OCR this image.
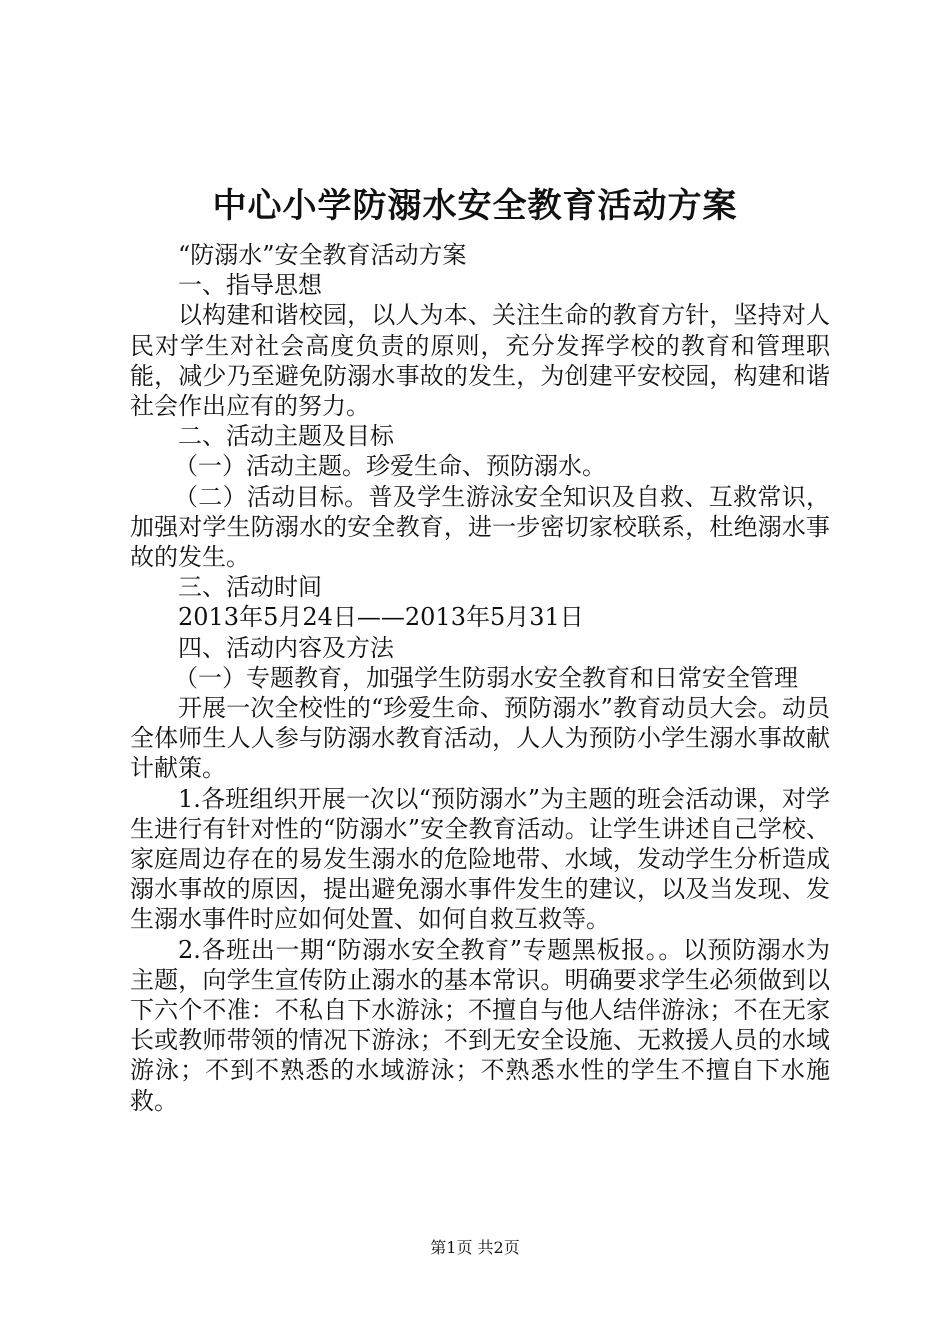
中心小学防溺水安全教育活动方案

“防溺水”安全教育活动方案

一、指导思想

以构建和谐校园，以人为本、关注生命的教育方针，坚持对人民对学生对社会高度负责的原则，充分发挥学校的教育和管理职能，减少乃至避免防溺水事故的发生，为创建平安校园，构建和谐社会作出应有的努力。

二、活动主题及目标

（一）活动主题。珍爱生命、预防溺水。

（二）活动目标。普及学生游泳安全知识及自救、互救常识，加强对学生防溺水的安全教育，进一步密切家校联系，杜绝溺水事故的发生。

三、活动时间

2013年5月24日——2013年5月31日

四、活动内容及方法

（一）专题教育，加强学生防弱水安全教育和日常安全管理

开展一次全校性的“珍爱生命、预防溺水”教育动员大会。动员全体师生人人参与防溺水教育活动，人人为预防小学生溺水事故献计献策。

1.各班组织开展一次以“预防溺水”为主题的班会活动课，对学生进行有针对性的“防溺水”安全教育活动。让学生讲述自己学校、家庭周边存在的易发生溺水的危险地带、水域，发动学生分析造成溺水事故的原因，提出避免溺水事件发生的建议，以及当发现、发生溺水事件时应如何处置、如何自救互救等。

2.各班出一期“防溺水安全教育”专题黑板报。。以预防溺水为主题，向学生宣传防止溺水的基本常识。明确要求学生必须做到以下六个不准：不私自下水游泳；不擅自与他人结伴游泳；不在无家长或教师带领的情况下游泳；不到无安全设施、无救援人员的水域游泳；不到不熟悉的水域游泳；不熟悉水性的学生不擅自下水施救。

第1页 共2页
